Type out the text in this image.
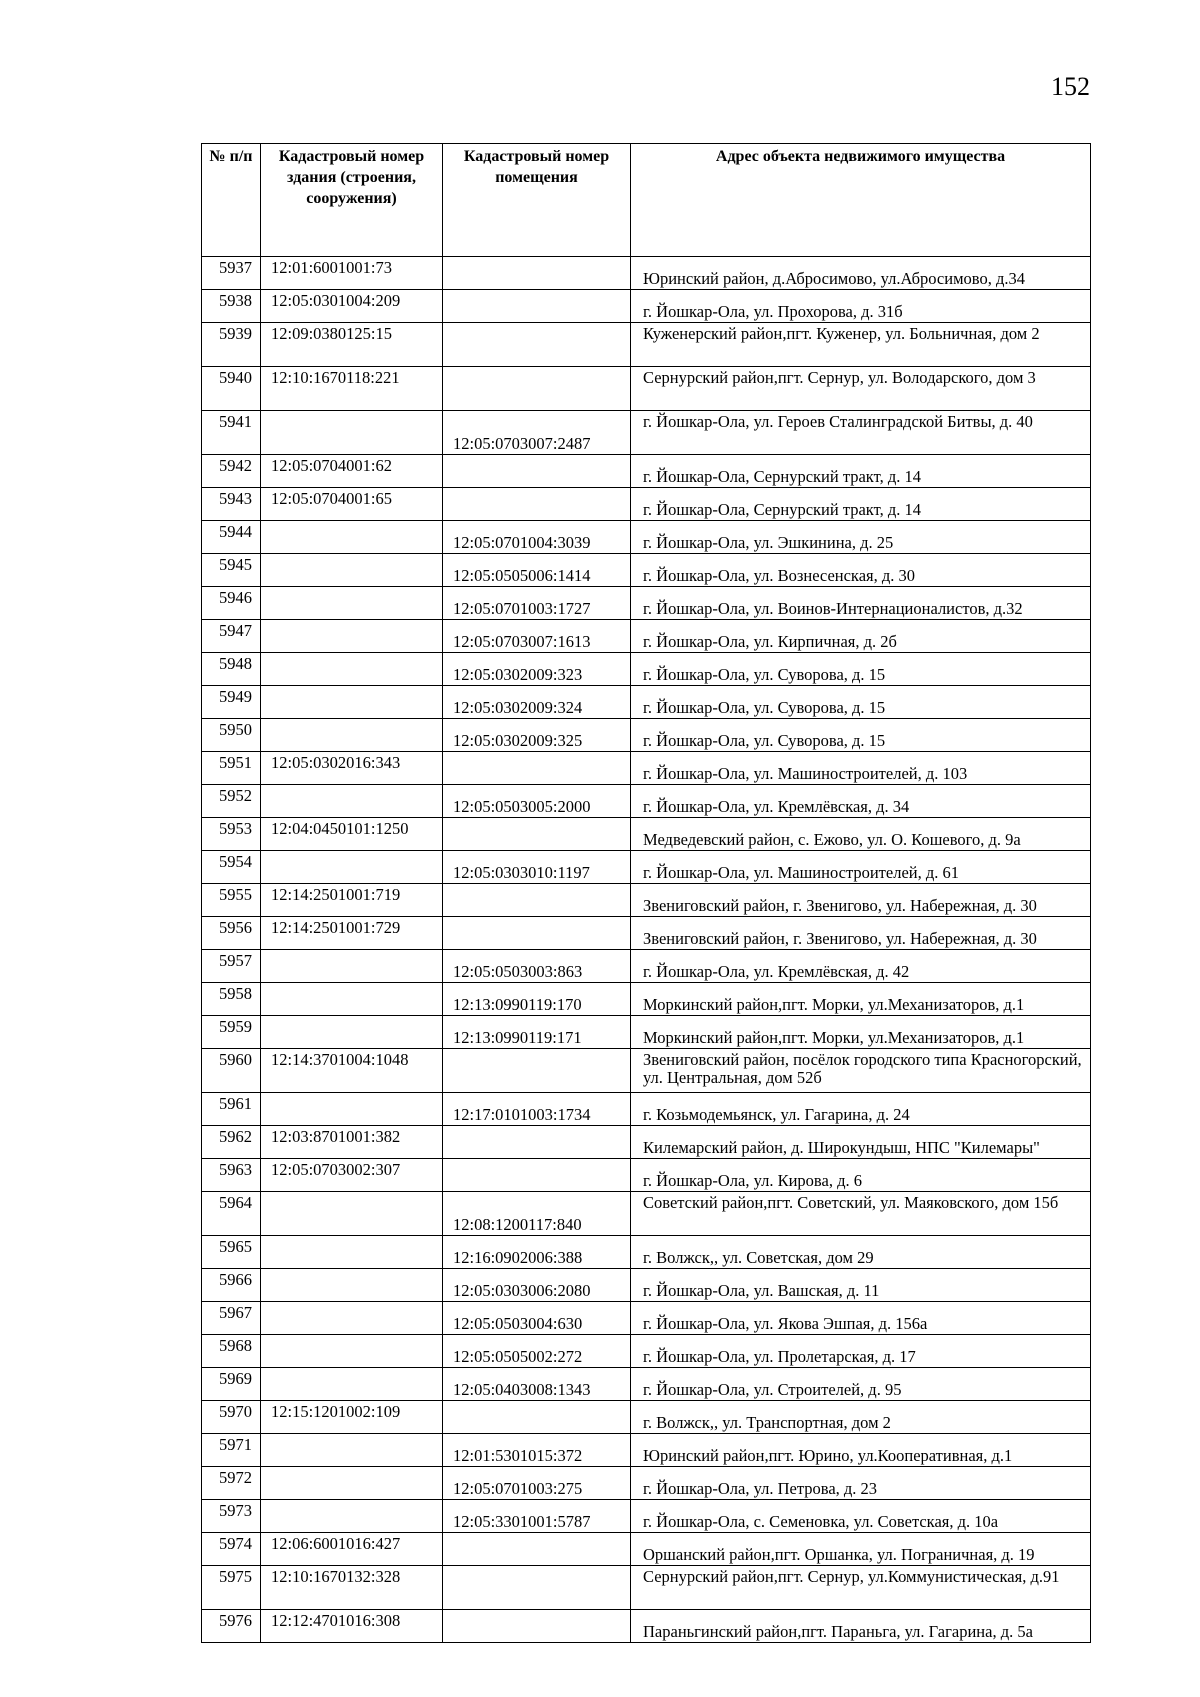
152
№ п/п	Кадастровый номер здания (строения, сооружения)	Кадастровый номер помещения	Адрес объекта недвижимого имущества
5937	12:01:6001001:73		Юринский район, д.Абросимово, ул.Абросимово, д.34
5938	12:05:0301004:209		г. Йошкар-Ола, ул. Прохорова, д. 31б
5939	12:09:0380125:15		Куженерский район,пгт. Куженер, ул. Больничная, дом 2
5940	12:10:1670118:221		Сернурский район,пгт. Сернур, ул. Володарского, дом 3
5941		12:05:0703007:2487	г. Йошкар-Ола, ул. Героев Сталинградской Битвы, д. 40
5942	12:05:0704001:62		г. Йошкар-Ола, Сернурский тракт, д. 14
5943	12:05:0704001:65		г. Йошкар-Ола, Сернурский тракт, д. 14
5944		12:05:0701004:3039	г. Йошкар-Ола, ул. Эшкинина, д. 25
5945		12:05:0505006:1414	г. Йошкар-Ола, ул. Вознесенская, д. 30
5946		12:05:0701003:1727	г. Йошкар-Ола, ул. Воинов-Интернационалистов, д.32
5947		12:05:0703007:1613	г. Йошкар-Ола, ул. Кирпичная, д. 2б
5948		12:05:0302009:323	г. Йошкар-Ола, ул. Суворова, д. 15
5949		12:05:0302009:324	г. Йошкар-Ола, ул. Суворова, д. 15
5950		12:05:0302009:325	г. Йошкар-Ола, ул. Суворова, д. 15
5951	12:05:0302016:343		г. Йошкар-Ола, ул. Машиностроителей, д. 103
5952		12:05:0503005:2000	г. Йошкар-Ола, ул. Кремлёвская, д. 34
5953	12:04:0450101:1250		Медведевский район, с. Ежово, ул. О. Кошевого, д. 9а
5954		12:05:0303010:1197	г. Йошкар-Ола, ул. Машиностроителей, д. 61
5955	12:14:2501001:719		Звениговский район, г. Звенигово, ул. Набережная, д. 30
5956	12:14:2501001:729		Звениговский район, г. Звенигово, ул. Набережная, д. 30
5957		12:05:0503003:863	г. Йошкар-Ола, ул. Кремлёвская, д. 42
5958		12:13:0990119:170	Моркинский район,пгт. Морки, ул.Механизаторов, д.1
5959		12:13:0990119:171	Моркинский район,пгт. Морки, ул.Механизаторов, д.1
5960	12:14:3701004:1048		Звениговский район, посёлок городского типа Красногорский, ул. Центральная, дом 52б
5961		12:17:0101003:1734	г. Козьмодемьянск, ул. Гагарина, д. 24
5962	12:03:8701001:382		Килемарский район, д. Широкундыш, НПС "Килемары"
5963	12:05:0703002:307		г. Йошкар-Ола, ул. Кирова, д. 6
5964		12:08:1200117:840	Советский район,пгт. Советский, ул. Маяковского, дом 15б
5965		12:16:0902006:388	г. Волжск,, ул. Советская, дом 29
5966		12:05:0303006:2080	г. Йошкар-Ола, ул. Вашская, д. 11
5967		12:05:0503004:630	г. Йошкар-Ола, ул. Якова Эшпая, д. 156а
5968		12:05:0505002:272	г. Йошкар-Ола, ул. Пролетарская, д. 17
5969		12:05:0403008:1343	г. Йошкар-Ола, ул. Строителей, д. 95
5970	12:15:1201002:109		г. Волжск,, ул. Транспортная, дом 2
5971		12:01:5301015:372	Юринский район,пгт. Юрино, ул.Кооперативная, д.1
5972		12:05:0701003:275	г. Йошкар-Ола, ул. Петрова, д. 23
5973		12:05:3301001:5787	г. Йошкар-Ола, с. Семеновка, ул. Советская, д. 10а
5974	12:06:6001016:427		Оршанский район,пгт. Оршанка, ул. Пограничная, д. 19
5975	12:10:1670132:328		Сернурский район,пгт. Сернур, ул.Коммунистическая, д.91
5976	12:12:4701016:308		Параньгинский район,пгт. Параньга, ул. Гагарина, д. 5а
